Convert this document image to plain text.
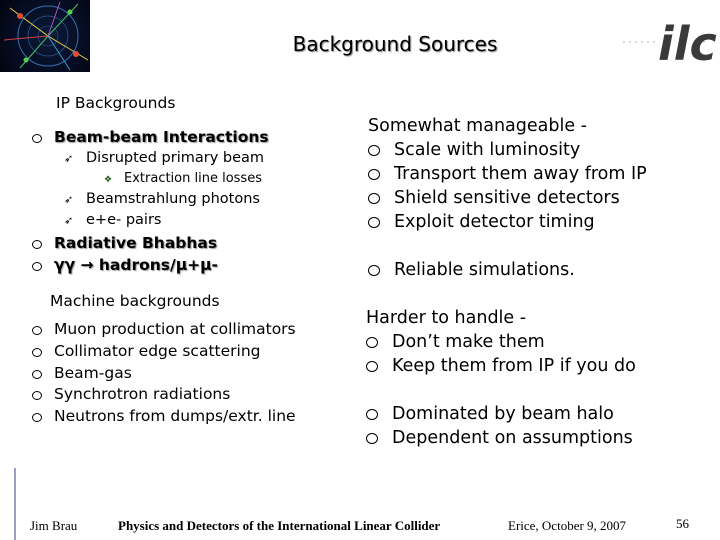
Background Sources	ilc
IP Backgrounds
Beam-beam Interactions
➶ Disrupted primary beam
❖ Extraction line losses
➶ Beamstrahlung photons
➶ e+e- pairs
Radiative Bhabhas
γγ → hadrons/μ+μ-
Machine backgrounds
Muon production at collimators
Collimator edge scattering
Beam-gas
Synchrotron radiations
Neutrons from dumps/extr. line
Somewhat manageable -
Scale with luminosity
Transport them away from IP
Shield sensitive detectors
Exploit detector timing
Reliable simulations.
Harder to handle -
Don’t make them
Keep them from IP if you do
Dominated by beam halo
Dependent on assumptions
Jim Brau	Physics and Detectors of the International Linear Collider	Erice, October 9, 2007	56
